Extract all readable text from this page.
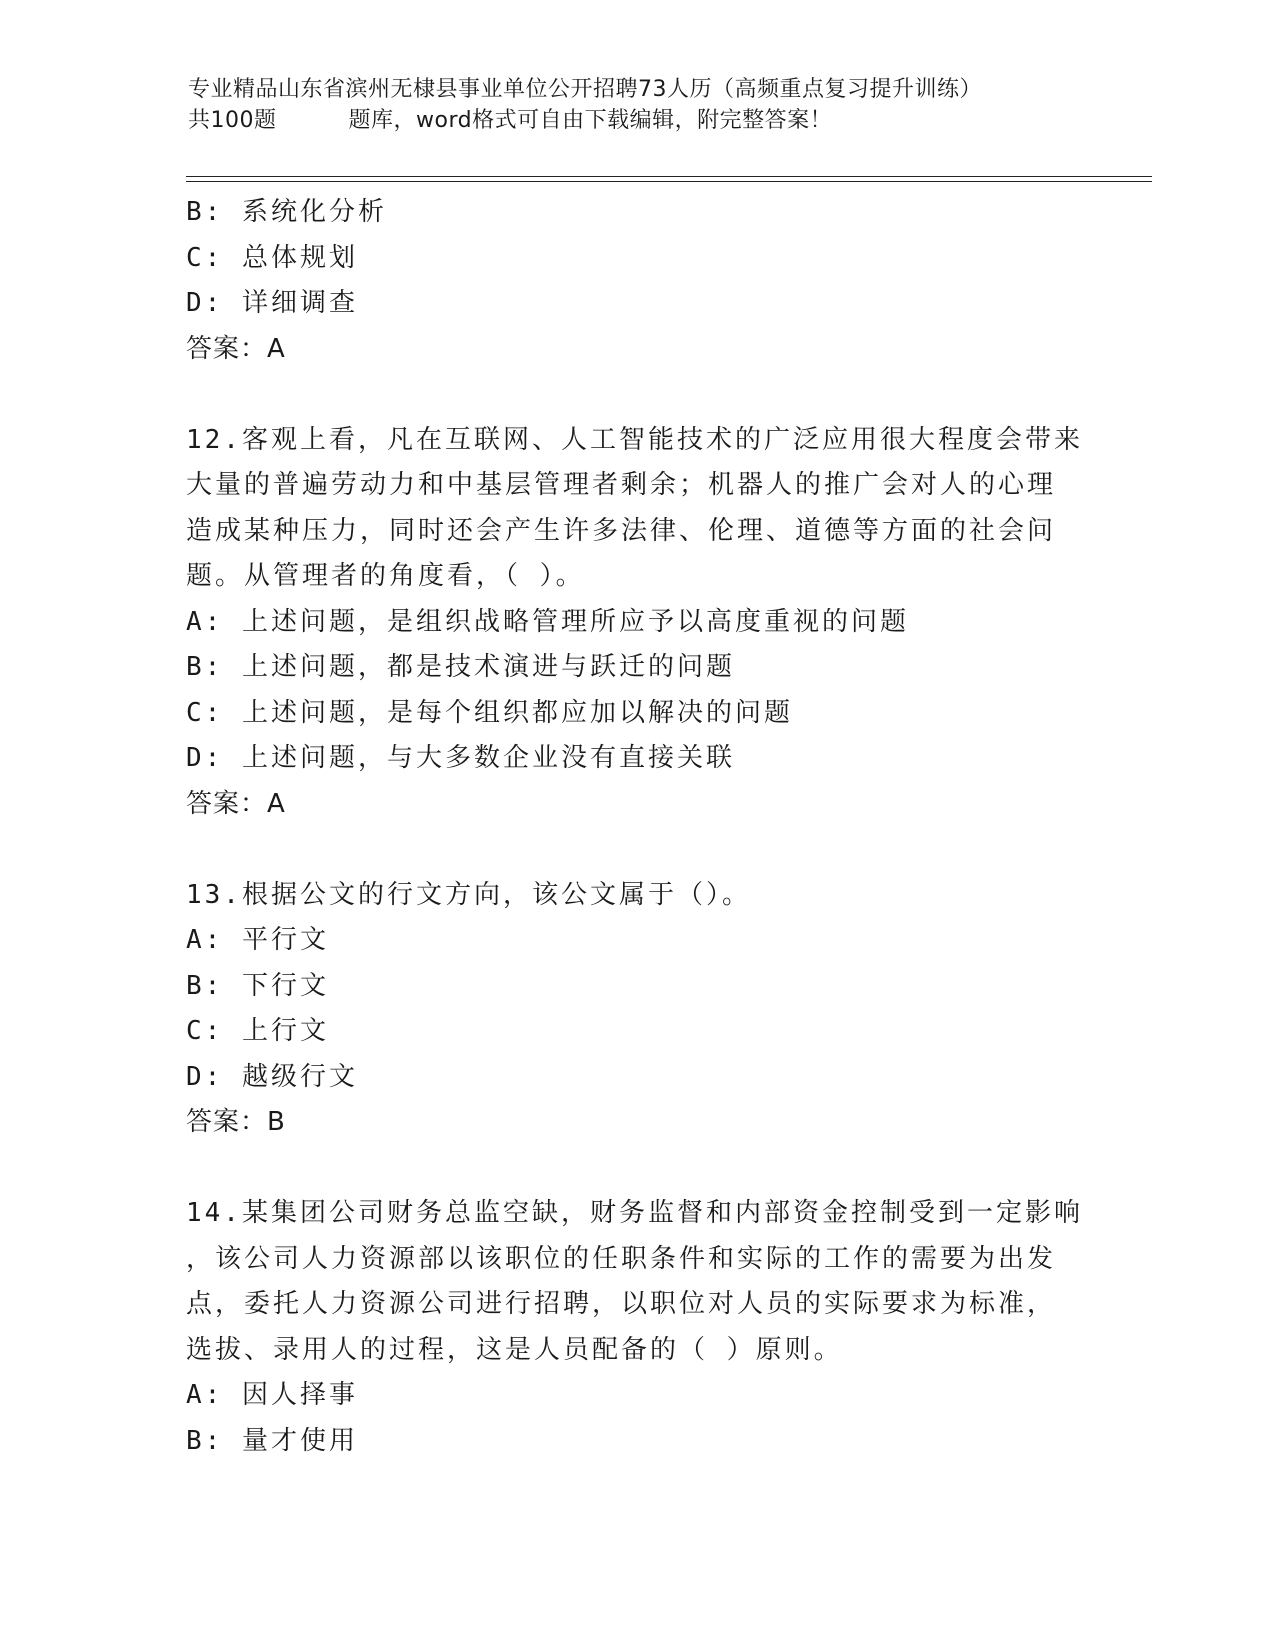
专业精品山东省滨州无棣县事业单位公开招聘73人历（高频重点复习提升训练）
共100题	题库，word格式可自由下载编辑，附完整答案！
B: 系统化分析
C: 总体规划
D: 详细调查
答案：A
12.客观上看，凡在互联网、人工智能技术的广泛应用很大程度会带来
大量的普遍劳动力和中基层管理者剩余；机器人的推广会对人的心理
造成某种压力，同时还会产生许多法律、伦理、道德等方面的社会问
题。从管理者的角度看，（ ）。
A: 上述问题，是组织战略管理所应予以高度重视的问题
B: 上述问题，都是技术演进与跃迁的问题
C: 上述问题，是每个组织都应加以解决的问题
D: 上述问题，与大多数企业没有直接关联
答案：A
13.根据公文的行文方向，该公文属于（）。
A: 平行文
B: 下行文
C: 上行文
D: 越级行文
答案：B
14.某集团公司财务总监空缺，财务监督和内部资金控制受到一定影响
，该公司人力资源部以该职位的任职条件和实际的工作的需要为出发
点，委托人力资源公司进行招聘，以职位对人员的实际要求为标准，
选拔、录用人的过程，这是人员配备的（ ）原则。
A: 因人择事
B: 量才使用
